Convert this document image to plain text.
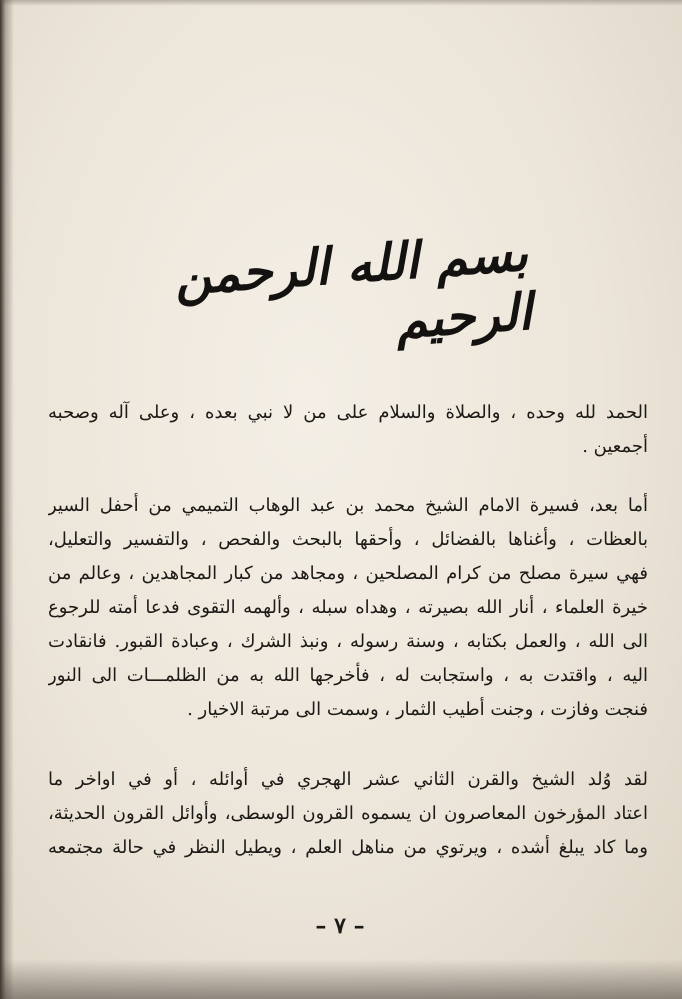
بسم الله الرحمن الرحيم
الحمد لله وحده ، والصلاة والسلام على من لا نبي بعده ، وعلى آله وصحبه
أجمعين .
أما بعد، فسيرة الامام الشيخ محمد بن عبد الوهاب التميمي من أحفل السير
بالعظات ، وأغناها بالفضائل ، وأحقها بالبحث والفحص ، والتفسير والتعليل،
فهي سيرة مصلح من كرام المصلحين ، ومجاهد من كبار المجاهدين ، وعالم من
خيرة العلماء ، أنار الله بصيرته ، وهداه سبله ، وألهمه التقوى فدعا أمته للرجوع
الى الله ، والعمل بكتابه ، وسنة رسوله ، ونبذ الشرك ، وعبادة القبور. فانقادت
اليه ، واقتدت به ، واستجابت له ، فأخرجها الله به من الظلمـــات الى النور
فنجت وفازت ، وجنت أطيب الثمار ، وسمت الى مرتبة الاخيار .
لقد وُلد الشيخ والقرن الثاني عشر الهجري في أوائله ، أو في اواخر ما
اعتاد المؤرخون المعاصرون ان يسموه القرون الوسطى، وأوائل القرون الحديثة،
وما كاد يبلغ أشده ، ويرتوي من مناهل العلم ، ويطيل النظر في حالة مجتمعه
– ٧ –
